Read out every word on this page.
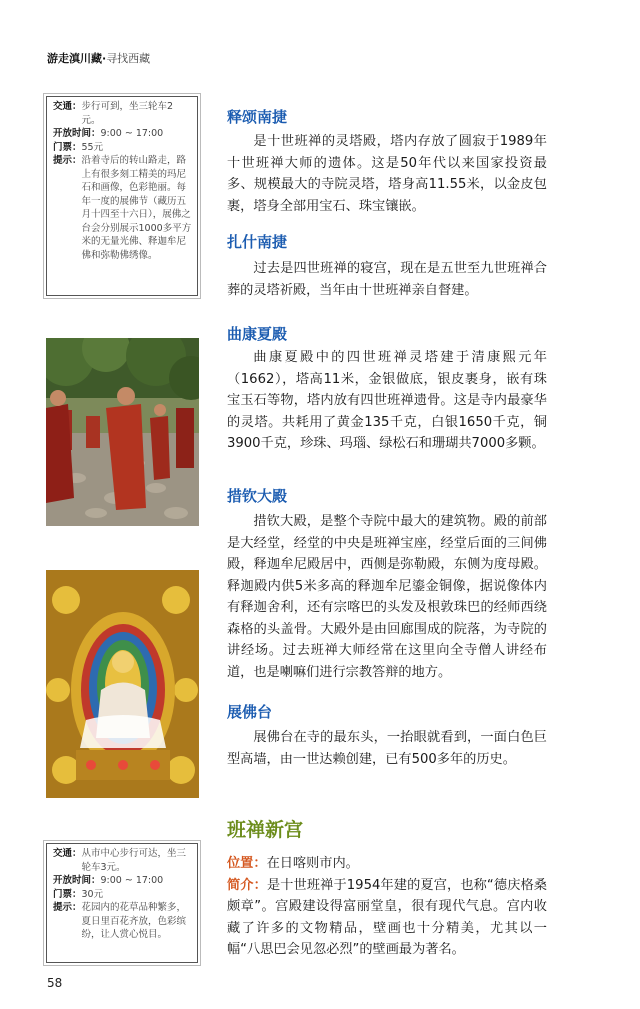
游走滇川藏·寻找西藏
交通： 步行可到，坐三轮车2元。
开放时间： 9:00 ~ 17:00
门票： 55元
提示： 沿着寺后的转山路走，路上有很多刻工精美的玛尼石和画像，色彩艳丽。每年一度的展佛节（藏历五月十四至十六日），展佛之台会分别展示1000多平方米的无量光佛、释迦牟尼佛和弥勒佛绣像。
释颂南捷
是十世班禅的灵塔殿，塔内存放了圆寂于1989年十世班禅大师的遗体。这是50年代以来国家投资最多、规模最大的寺院灵塔，塔身高11.55米，以金皮包裹，塔身全部用宝石、珠宝镶嵌。
扎什南捷
过去是四世班禅的寝宫，现在是五世至九世班禅合葬的灵塔祈殿，当年由十世班禅亲自督建。
曲康夏殿
曲康夏殿中的四世班禅灵塔建于清康熙元年（1662），塔高11米，金银做底，银皮裹身，嵌有珠宝玉石等物，塔内放有四世班禅遗骨。这是寺内最豪华的灵塔。共耗用了黄金135千克，白银1650千克，铜3900千克，珍珠、玛瑙、绿松石和珊瑚共7000多颗。
措钦大殿
措钦大殿，是整个寺院中最大的建筑物。殿的前部是大经堂，经堂的中央是班禅宝座，经堂后面的三间佛殿，释迦牟尼殿居中，西侧是弥勒殿，东侧为度母殿。释迦殿内供5米多高的释迦牟尼鎏金铜像，据说像体内有释迦舍利，还有宗喀巴的头发及根敦珠巴的经师西绕森格的头盖骨。大殿外是由回廊围成的院落，为寺院的讲经场。过去班禅大师经常在这里向全寺僧人讲经布道，也是喇嘛们进行宗教答辩的地方。
展佛台
展佛台在寺的最东头，一抬眼就看到，一面白色巨型高墙，由一世达赖创建，已有500多年的历史。
班禅新宫
位置：在日喀则市内。
简介：是十世班禅于1954年建的夏宫，也称“德庆格桑颇章”。宫殿建设得富丽堂皇，很有现代气息。宫内收藏了许多的文物精品，壁画也十分精美，尤其以一幅“八思巴会见忽必烈”的壁画最为著名。
交通： 从市中心步行可达，坐三轮车3元。
开放时间： 9:00 ~ 17:00
门票： 30元
提示： 花园内的花草品种繁多，夏日里百花齐放，色彩缤纷，让人赏心悦目。
58
